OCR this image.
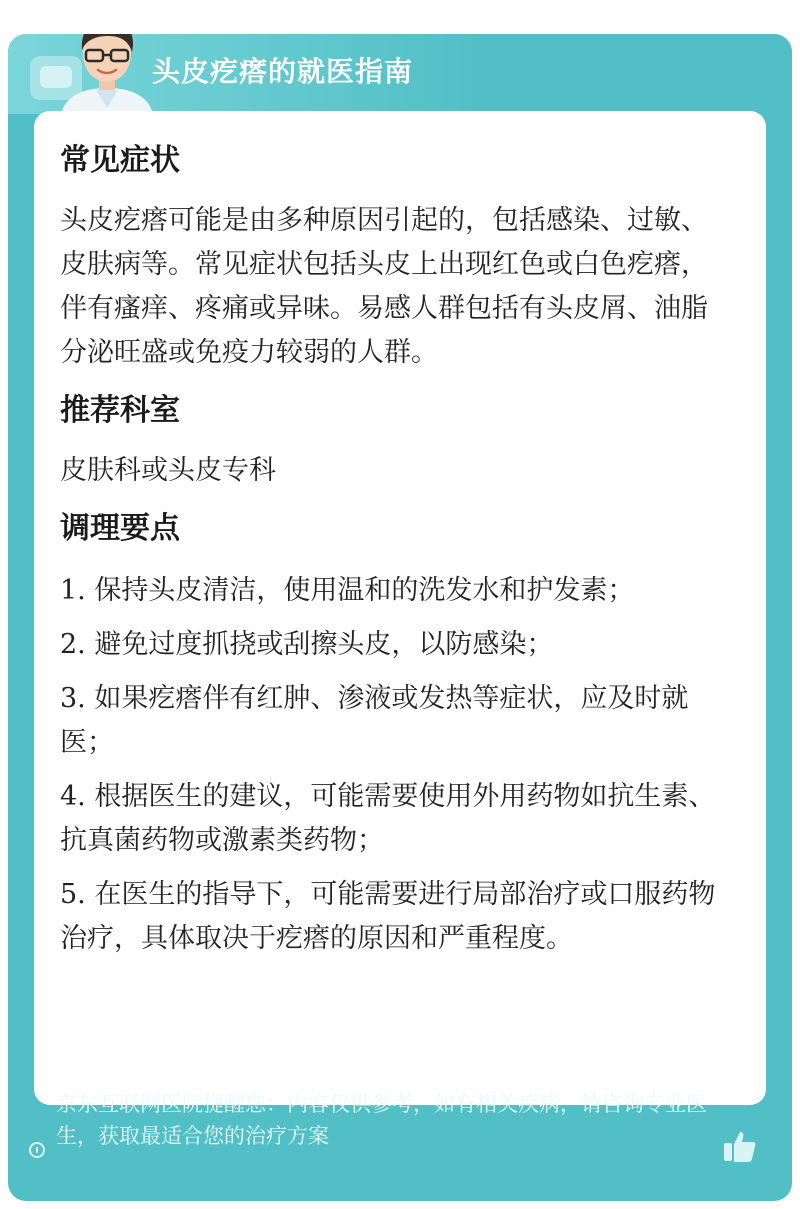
头皮疙瘩的就医指南
常见症状

头皮疙瘩可能是由多种原因引起的，包括感染、过敏、皮肤病等。常见症状包括头皮上出现红色或白色疙瘩，伴有瘙痒、疼痛或异味。易感人群包括有头皮屑、油脂分泌旺盛或免疫力较弱的人群。

推荐科室

皮肤科或头皮专科

调理要点
1. 保持头皮清洁，使用温和的洗发水和护发素；
2. 避免过度抓挠或刮擦头皮，以防感染；
3. 如果疙瘩伴有红肿、渗液或发热等症状，应及时就医；
4. 根据医生的建议，可能需要使用外用药物如抗生素、抗真菌药物或激素类药物；
5. 在医生的指导下，可能需要进行局部治疗或口服药物治疗，具体取决于疙瘩的原因和严重程度。
京东互联网医院提醒您：内容仅供参考，如有相关疾病，请咨询专业医生，获取最适合您的治疗方案
